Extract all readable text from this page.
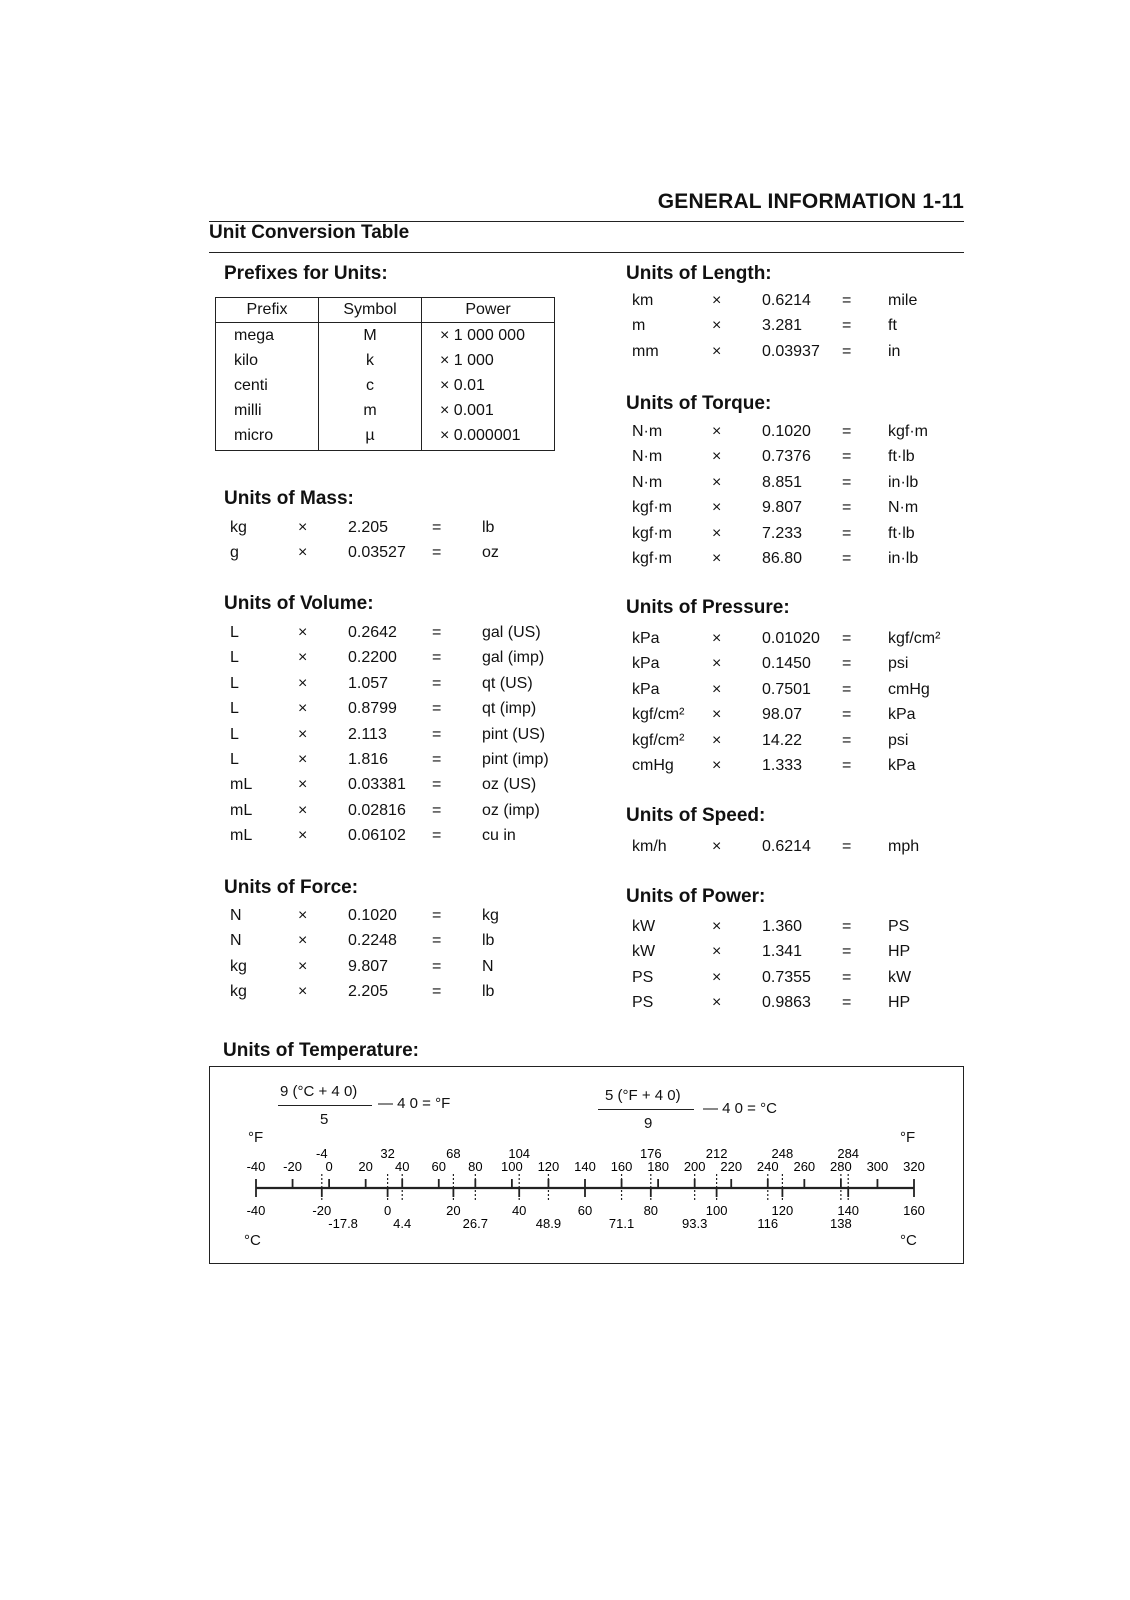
GENERAL INFORMATION 1-11
Unit Conversion Table
Prefixes for Units:
Prefix	Symbol	Power
mega	M	× 1 000 000
kilo	k	× 1 000
centi	c	× 0.01
milli	m	× 0.001
micro	µ	× 0.000001
Units of Mass:
kg	×	2.205	=	lb
g	×	0.03527 =	oz
Units of Volume:
L	×	0.2642 =	gal (US)
L	×	0.2200 =	gal (imp)
L	×	1.057	=	qt (US)
L	×	0.8799 =	qt (imp)
L	×	2.113	=	pint (US)
L	×	1.816	=	pint (imp)
mL	×	0.03381 =	oz (US)
mL	×	0.02816 =	oz (imp)
mL	×	0.06102 =	cu in
Units of Force:
N	×	0.1020 =	kg
N	×	0.2248 =	lb
kg	×	9.807	=	N
kg	×	2.205	=	lb
Units of Length:
km	×	0.6214 = mile
m	×	3.281 = ft
mm	×	0.03937 = in
Units of Torque:
N·m	×	0.1020 = kgf·m
N·m	×	0.7376 = ft·lb
N·m	×	8.851 = in·lb
kgf·m	×	9.807 = N·m
kgf·m	×	7.233 = ft·lb
kgf·m	×	86.80 = in·lb
Units of Pressure:
kPa	×	0.01020 = kgf/cm²
kPa	×	0.1450 = psi
kPa	×	0.7501 = cmHg
kgf/cm² ×	98.07 = kPa
kgf/cm² ×	14.22 = psi
cmHg ×	1.333 = kPa
Units of Speed:
km/h	×	0.6214 = mph
Units of Power:
kW	×	1.360 = PS
kW	×	1.341 = HP
PS	×	0.7355 = kW
PS	×	0.9863 = HP
Units of Temperature:
9 (°C + 4 0)
5
— 4 0 = °F	5 (°F + 4 0)
9
— 4 0 = °C
°F	°F
°C	°C
-40 -20 0 20 40 60 80 100 120 140 160 180 200 220 240 260 280 300 320
-40	-20	0	20	40	60	80	100	120	140	160
-4	32	68	104	176	212	248	284
4.4	26.7	48.9	71.1	93.3	116	138
-17.8
